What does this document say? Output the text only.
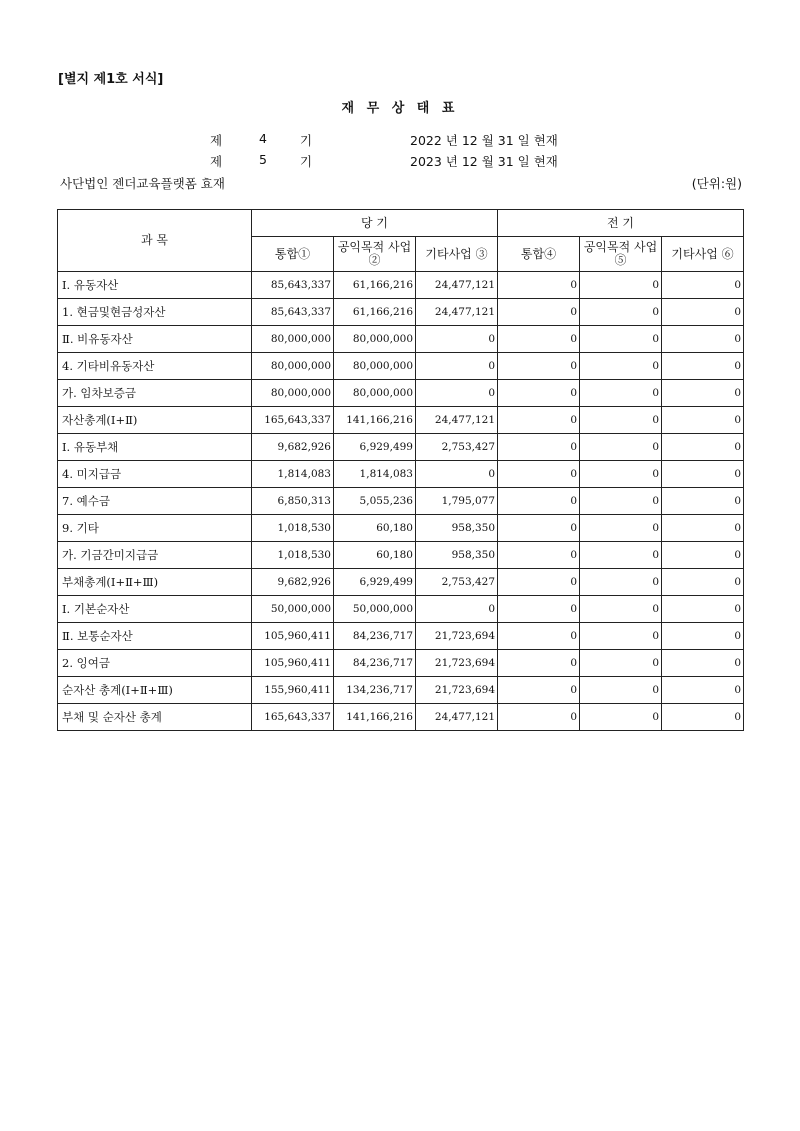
[별지 제1호 서식]
재 무 상 태 표
제	4	기	2022 년 12 월 31 일 현재
제	5	기	2023 년 12 월 31 일 현재
사단법인 젠더교육플랫폼 효재	(단위:원)
과 목	당 기			전 기		
	통합①	공익목적 사업②	기타사업 ③	통합④	공익목적 사업⑤	기타사업 ⑥
Ⅰ. 유동자산	85,643,337	61,166,216	24,477,121	0	0	0
1. 현금및현금성자산	85,643,337	61,166,216	24,477,121	0	0	0
Ⅱ. 비유동자산	80,000,000	80,000,000	0	0	0	0
4. 기타비유동자산	80,000,000	80,000,000	0	0	0	0
가. 임차보증금	80,000,000	80,000,000	0	0	0	0
자산총계(Ⅰ+Ⅱ)	165,643,337	141,166,216	24,477,121	0	0	0
Ⅰ. 유동부채	9,682,926	6,929,499	2,753,427	0	0	0
4. 미지급금	1,814,083	1,814,083	0	0	0	0
7. 예수금	6,850,313	5,055,236	1,795,077	0	0	0
9. 기타	1,018,530	60,180	958,350	0	0	0
가. 기금간미지급금	1,018,530	60,180	958,350	0	0	0
부채총계(Ⅰ+Ⅱ+Ⅲ)	9,682,926	6,929,499	2,753,427	0	0	0
Ⅰ. 기본순자산	50,000,000	50,000,000	0	0	0	0
Ⅱ. 보통순자산	105,960,411	84,236,717	21,723,694	0	0	0
2. 잉여금	105,960,411	84,236,717	21,723,694	0	0	0
순자산 총계(Ⅰ+Ⅱ+Ⅲ)	155,960,411	134,236,717	21,723,694	0	0	0
부채 및 순자산 총계	165,643,337	141,166,216	24,477,121	0	0	0
